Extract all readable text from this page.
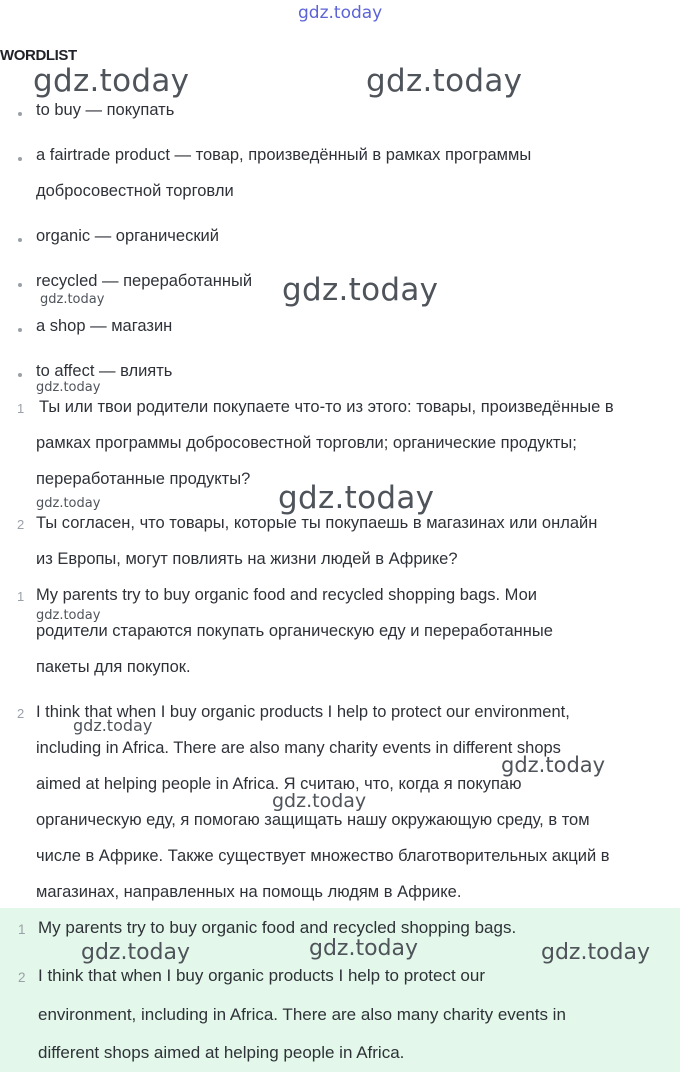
gdz.today
WORDLIST
to buy — покупать
a fairtrade product — товар, произведённый в рамках программы
добросовестной торговли
organic — органический
recycled — переработанный
a shop — магазин
to affect — влиять
1 Ты или твои родители покупаете что-то из этого: товары, произведённые в
рамках программы добросовестной торговли; органические продукты;
переработанные продукты?
2 Ты согласен, что товары, которые ты покупаешь в магазинах или онлайн
из Европы, могут повлиять на жизни людей в Африке?
1 My parents try to buy organic food and recycled shopping bags. Мои
родители стараются покупать органическую еду и переработанные
пакеты для покупок.
2 I think that when I buy organic products I help to protect our environment,
including in Africa. There are also many charity events in different shops
aimed at helping people in Africa. Я считаю, что, когда я покупаю
органическую еду, я помогаю защищать нашу окружающую среду, в том
числе в Африке. Также существует множество благотворительных акций в
магазинах, направленных на помощь людям в Африке.
1 My parents try to buy organic food and recycled shopping bags.
2 I think that when I buy organic products I help to protect our
environment, including in Africa. There are also many charity events in
different shops aimed at helping people in Africa.
gdz.today	gdz.today
gdz.today
gdz.today
gdz.today
gdz.today	gdz.today
gdz.today
gdz.today
gdz.today
gdz.today
gdz.today	gdz.today	gdz.today
